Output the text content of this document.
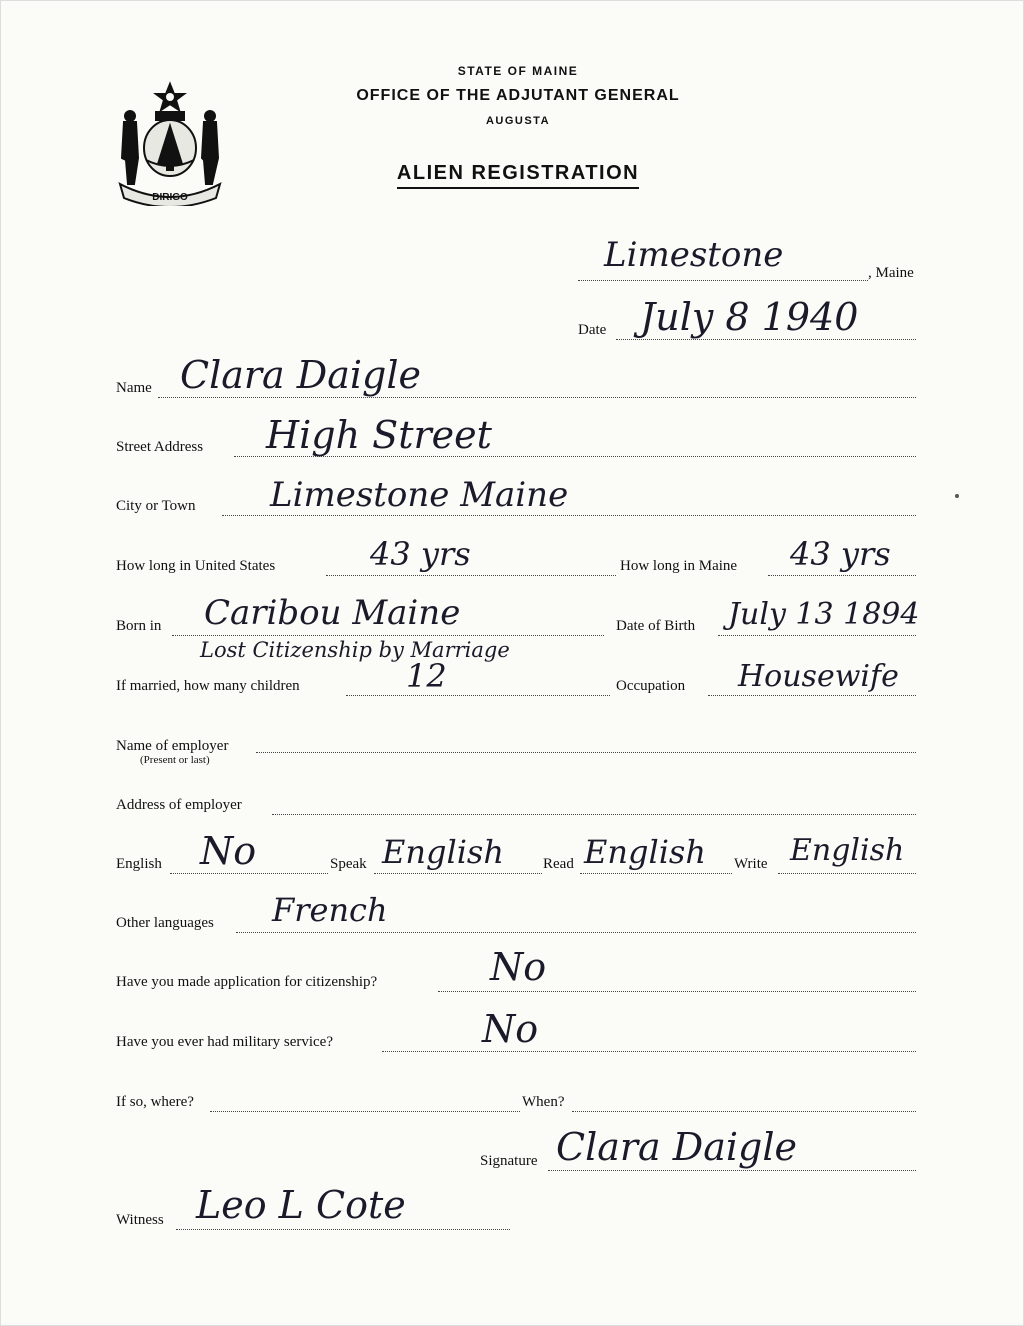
DIRIGO
STATE OF MAINE
OFFICE OF THE ADJUTANT GENERAL
AUGUSTA
ALIEN REGISTRATION
Limestone	, Maine
Date July 8 1940
Name Clara Daigle
Street Address High Street
City or Town Limestone Maine
How long in United States	43 yrs	How long in Maine 43 yrs
Born in Caribou Maine	Date of Birth July 13 1894
Lost Citizenship by Marriage
If married, how many children	12	Occupation Housewife
Name of employer
(Present or last)
Address of employer
English No	Speak English	Read English Write English
Other languages French
Have you made application for citizenship?	No
Have you ever had military service?	No
If so, where?	When?
Signature Clara Daigle
Witness Leo L Cote
